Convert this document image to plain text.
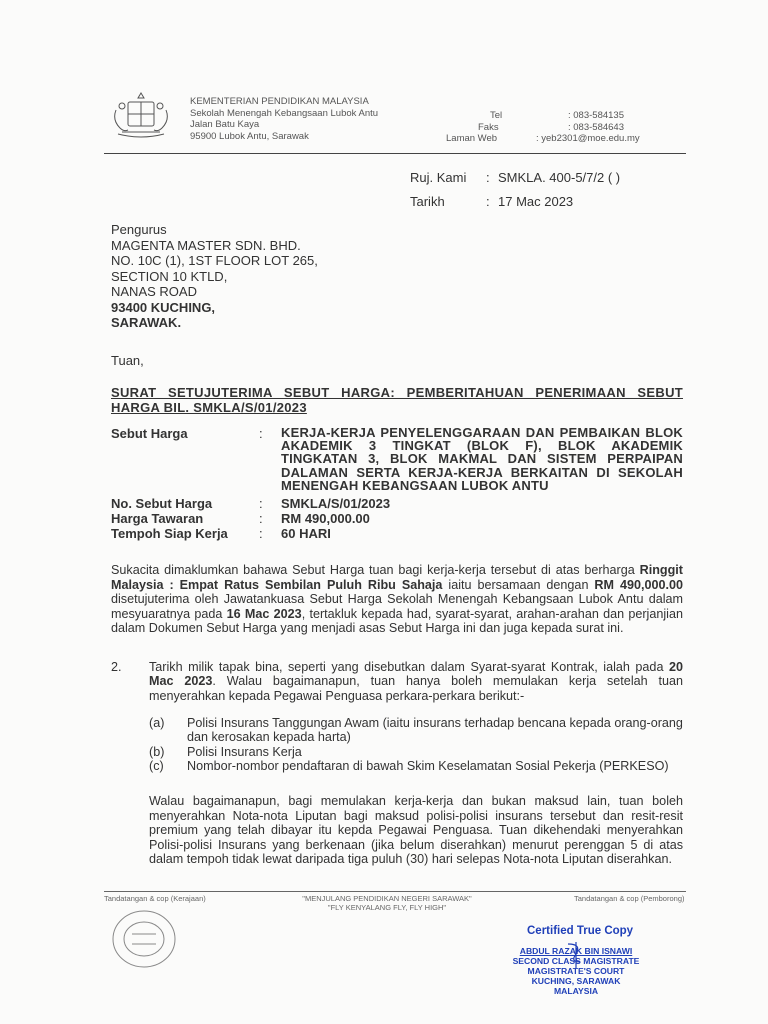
KEMENTERIAN PENDIDIKAN MALAYSIA
Sekolah Menengah Kebangsaan Lubok Antu
Jalan Batu Kaya
95900 Lubok Antu, Sarawak
Tel	: 083-584135
Faks	: 083-584643
Laman Web	: yeb2301@moe.edu.my
Ruj. Kami	: SMKLA. 400-5/7/2 ( )
Tarikh	: 17 Mac 2023
Pengurus
MAGENTA MASTER SDN. BHD.
NO. 10C (1), 1ST FLOOR LOT 265,
SECTION 10 KTLD,
NANAS ROAD
93400 KUCHING,
SARAWAK.
Tuan,
SURAT SETUJUTERIMA SEBUT HARGA: PEMBERITAHUAN PENERIMAAN SEBUT HARGA BIL. SMKLA/S/01/2023
Sebut Harga	:	KERJA-KERJA PENYELENGGARAAN DAN PEMBAIKAN BLOK AKADEMIK 3 TINGKAT (BLOK F), BLOK AKADEMIK TINGKATAN 3, BLOK MAKMAL DAN SISTEM PERPAIPAN DALAMAN SERTA KERJA-KERJA BERKAITAN DI SEKOLAH MENENGAH KEBANGSAAN LUBOK ANTU
No. Sebut Harga	:	SMKLA/S/01/2023
Harga Tawaran	:	RM 490,000.00
Tempoh Siap Kerja	:	60 HARI
Sukacita dimaklumkan bahawa Sebut Harga tuan bagi kerja-kerja tersebut di atas berharga Ringgit Malaysia : Empat Ratus Sembilan Puluh Ribu Sahaja iaitu bersamaan dengan RM 490,000.00 disetujuterima oleh Jawatankuasa Sebut Harga Sekolah Menengah Kebangsaan Lubok Antu dalam mesyuaratnya pada 16 Mac 2023, tertakluk kepada had, syarat-syarat, arahan-arahan dan perjanjian dalam Dokumen Sebut Harga yang menjadi asas Sebut Harga ini dan juga kepada surat ini.
2. Tarikh milik tapak bina, seperti yang disebutkan dalam Syarat-syarat Kontrak, ialah pada 20 Mac 2023. Walau bagaimanapun, tuan hanya boleh memulakan kerja setelah tuan menyerahkan kepada Pegawai Penguasa perkara-perkara berikut:-
(a)	Polisi Insurans Tanggungan Awam (iaitu insurans terhadap bencana kepada orang-orang dan kerosakan kepada harta)
(b)	Polisi Insurans Kerja
(c)	Nombor-nombor pendaftaran di bawah Skim Keselamatan Sosial Pekerja (PERKESO)
Walau bagaimanapun, bagi memulakan kerja-kerja dan bukan maksud lain, tuan boleh menyerahkan Nota-nota Liputan bagi maksud polisi-polisi insurans tersebut dan resit-resit premium yang telah dibayar itu kepda Pegawai Penguasa. Tuan dikehendaki menyerahkan Polisi-polisi Insurans yang berkenaan (jika belum diserahkan) menurut perenggan 5 di atas dalam tempoh tidak lewat daripada tiga puluh (30) hari selepas Nota-nota Liputan diserahkan.
Tandatangan & cop (Kerajaan)	"MENJULANG PENDIDIKAN NEGERI SARAWAK"
"FLY KENYALANG FLY, FLY HIGH"
Tandatangan & cop (Pemborong)
Certified True Copy
ABDUL RAZAK BIN ISNAWI
SECOND CLASS MAGISTRATE
MAGISTRATE'S COURT
KUCHING, SARAWAK
MALAYSIA
